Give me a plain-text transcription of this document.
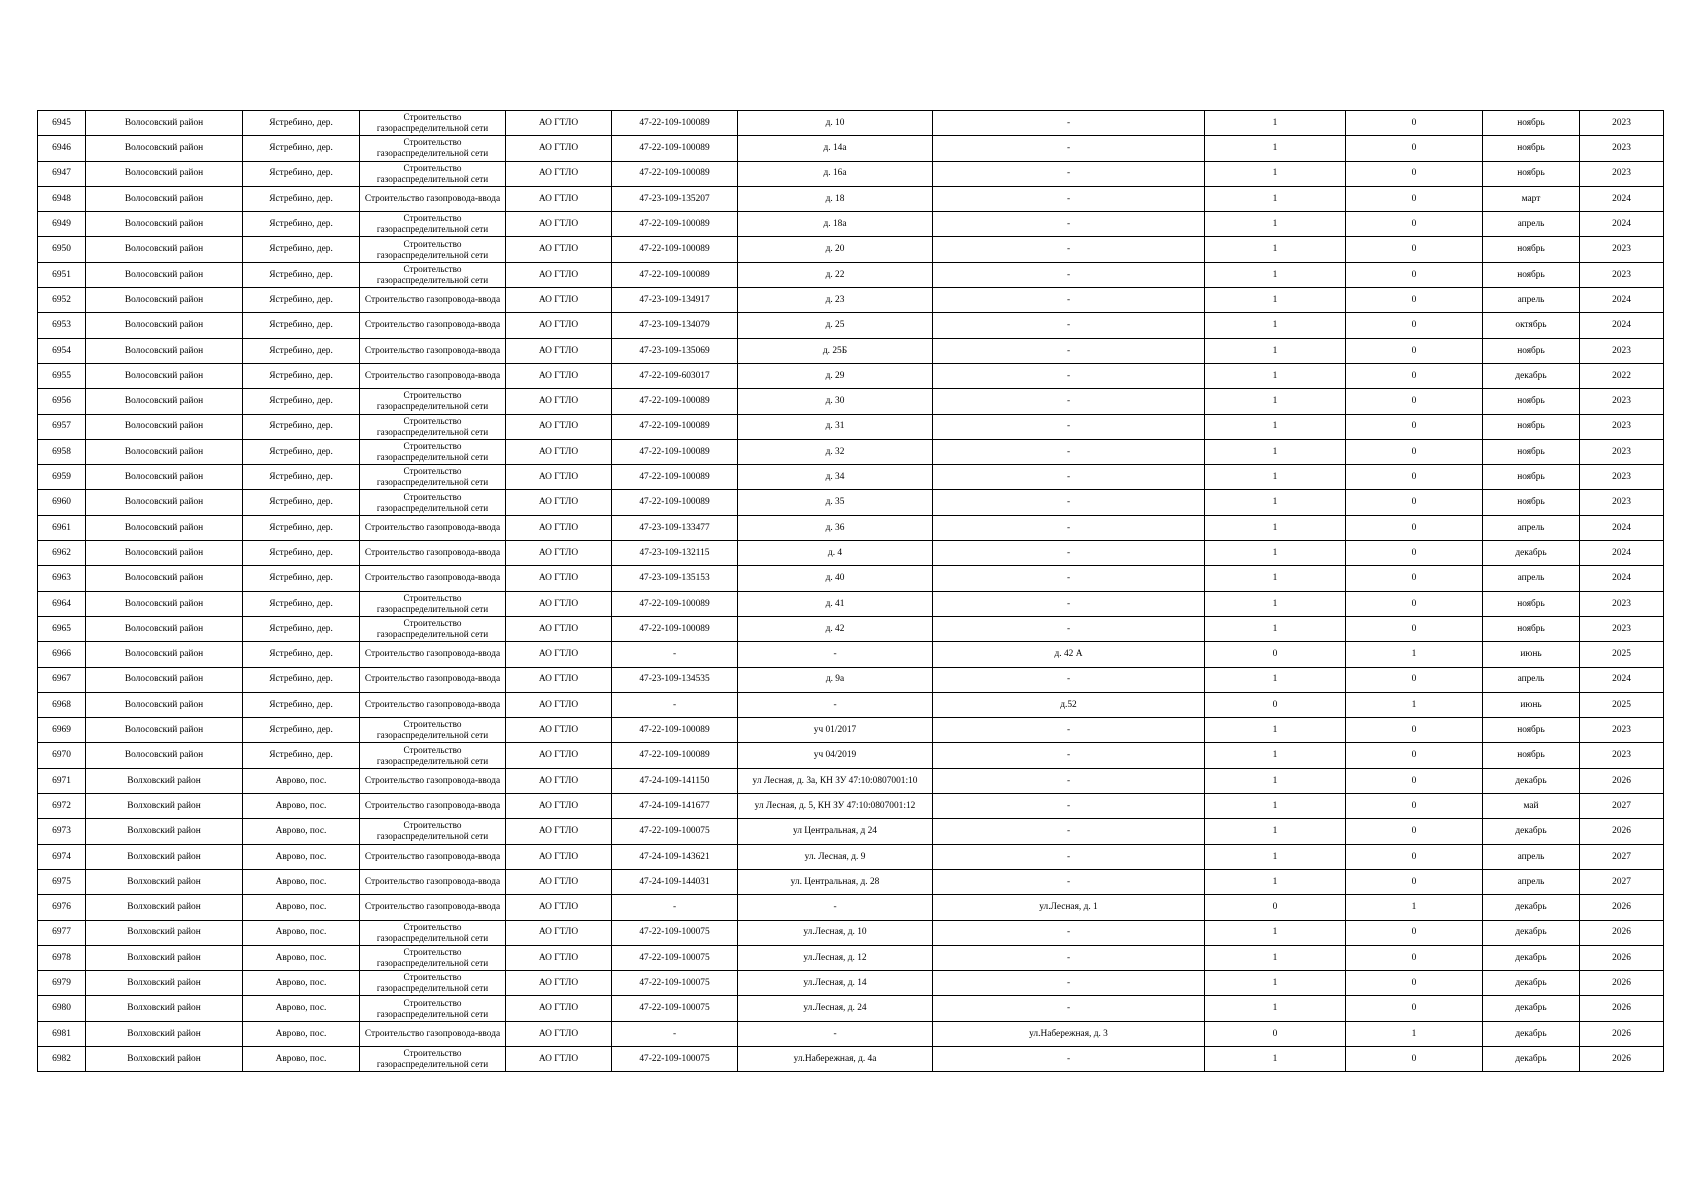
6945	Волосовский район	Ястребино, дер.	Строительство газораспределительной сети	АО ГТЛО	47-22-109-100089	д. 10	-	1	0	ноябрь	2023
6946	Волосовский район	Ястребино, дер.	Строительство газораспределительной сети	АО ГТЛО	47-22-109-100089	д. 14а	-	1	0	ноябрь	2023
6947	Волосовский район	Ястребино, дер.	Строительство газораспределительной сети	АО ГТЛО	47-22-109-100089	д. 16а	-	1	0	ноябрь	2023
6948	Волосовский район	Ястребино, дер.	Строительство газопровода-ввода	АО ГТЛО	47-23-109-135207	д. 18	-	1	0	март	2024
6949	Волосовский район	Ястребино, дер.	Строительство газораспределительной сети	АО ГТЛО	47-22-109-100089	д. 18а	-	1	0	апрель	2024
6950	Волосовский район	Ястребино, дер.	Строительство газораспределительной сети	АО ГТЛО	47-22-109-100089	д. 20	-	1	0	ноябрь	2023
6951	Волосовский район	Ястребино, дер.	Строительство газораспределительной сети	АО ГТЛО	47-22-109-100089	д. 22	-	1	0	ноябрь	2023
6952	Волосовский район	Ястребино, дер.	Строительство газопровода-ввода	АО ГТЛО	47-23-109-134917	д. 23	-	1	0	апрель	2024
6953	Волосовский район	Ястребино, дер.	Строительство газопровода-ввода	АО ГТЛО	47-23-109-134079	д. 25	-	1	0	октябрь	2024
6954	Волосовский район	Ястребино, дер.	Строительство газопровода-ввода	АО ГТЛО	47-23-109-135069	д. 25Б	-	1	0	ноябрь	2023
6955	Волосовский район	Ястребино, дер.	Строительство газопровода-ввода	АО ГТЛО	47-22-109-603017	д. 29	-	1	0	декабрь	2022
6956	Волосовский район	Ястребино, дер.	Строительство газораспределительной сети	АО ГТЛО	47-22-109-100089	д. 30	-	1	0	ноябрь	2023
6957	Волосовский район	Ястребино, дер.	Строительство газораспределительной сети	АО ГТЛО	47-22-109-100089	д. 31	-	1	0	ноябрь	2023
6958	Волосовский район	Ястребино, дер.	Строительство газораспределительной сети	АО ГТЛО	47-22-109-100089	д. 32	-	1	0	ноябрь	2023
6959	Волосовский район	Ястребино, дер.	Строительство газораспределительной сети	АО ГТЛО	47-22-109-100089	д. 34	-	1	0	ноябрь	2023
6960	Волосовский район	Ястребино, дер.	Строительство газораспределительной сети	АО ГТЛО	47-22-109-100089	д. 35	-	1	0	ноябрь	2023
6961	Волосовский район	Ястребино, дер.	Строительство газопровода-ввода	АО ГТЛО	47-23-109-133477	д. 36	-	1	0	апрель	2024
6962	Волосовский район	Ястребино, дер.	Строительство газопровода-ввода	АО ГТЛО	47-23-109-132115	д. 4	-	1	0	декабрь	2024
6963	Волосовский район	Ястребино, дер.	Строительство газопровода-ввода	АО ГТЛО	47-23-109-135153	д. 40	-	1	0	апрель	2024
6964	Волосовский район	Ястребино, дер.	Строительство газораспределительной сети	АО ГТЛО	47-22-109-100089	д. 41	-	1	0	ноябрь	2023
6965	Волосовский район	Ястребино, дер.	Строительство газораспределительной сети	АО ГТЛО	47-22-109-100089	д. 42	-	1	0	ноябрь	2023
6966	Волосовский район	Ястребино, дер.	Строительство газопровода-ввода	АО ГТЛО	-	-	д. 42 А	0	1	июнь	2025
6967	Волосовский район	Ястребино, дер.	Строительство газопровода-ввода	АО ГТЛО	47-23-109-134535	д. 9а	-	1	0	апрель	2024
6968	Волосовский район	Ястребино, дер.	Строительство газопровода-ввода	АО ГТЛО	-	-	д.52	0	1	июнь	2025
6969	Волосовский район	Ястребино, дер.	Строительство газораспределительной сети	АО ГТЛО	47-22-109-100089	уч 01/2017	-	1	0	ноябрь	2023
6970	Волосовский район	Ястребино, дер.	Строительство газораспределительной сети	АО ГТЛО	47-22-109-100089	уч 04/2019	-	1	0	ноябрь	2023
6971	Волховский район	Аврово, пос.	Строительство газопровода-ввода	АО ГТЛО	47-24-109-141150	ул Лесная, д. 3а, КН ЗУ 47:10:0807001:10	-	1	0	декабрь	2026
6972	Волховский район	Аврово, пос.	Строительство газопровода-ввода	АО ГТЛО	47-24-109-141677	ул Лесная, д. 5, КН ЗУ 47:10:0807001:12	-	1	0	май	2027
6973	Волховский район	Аврово, пос.	Строительство газораспределительной сети	АО ГТЛО	47-22-109-100075	ул Центральная, д 24	-	1	0	декабрь	2026
6974	Волховский район	Аврово, пос.	Строительство газопровода-ввода	АО ГТЛО	47-24-109-143621	ул. Лесная, д. 9	-	1	0	апрель	2027
6975	Волховский район	Аврово, пос.	Строительство газопровода-ввода	АО ГТЛО	47-24-109-144031	ул. Центральная, д. 28	-	1	0	апрель	2027
6976	Волховский район	Аврово, пос.	Строительство газопровода-ввода	АО ГТЛО	-	-	ул.Лесная, д. 1	0	1	декабрь	2026
6977	Волховский район	Аврово, пос.	Строительство газораспределительной сети	АО ГТЛО	47-22-109-100075	ул.Лесная, д. 10	-	1	0	декабрь	2026
6978	Волховский район	Аврово, пос.	Строительство газораспределительной сети	АО ГТЛО	47-22-109-100075	ул.Лесная, д. 12	-	1	0	декабрь	2026
6979	Волховский район	Аврово, пос.	Строительство газораспределительной сети	АО ГТЛО	47-22-109-100075	ул.Лесная, д. 14	-	1	0	декабрь	2026
6980	Волховский район	Аврово, пос.	Строительство газораспределительной сети	АО ГТЛО	47-22-109-100075	ул.Лесная, д. 24	-	1	0	декабрь	2026
6981	Волховский район	Аврово, пос.	Строительство газопровода-ввода	АО ГТЛО	-	-	ул.Набережная, д. 3	0	1	декабрь	2026
6982	Волховский район	Аврово, пос.	Строительство газораспределительной сети	АО ГТЛО	47-22-109-100075	ул.Набережная, д. 4а	-	1	0	декабрь	2026
